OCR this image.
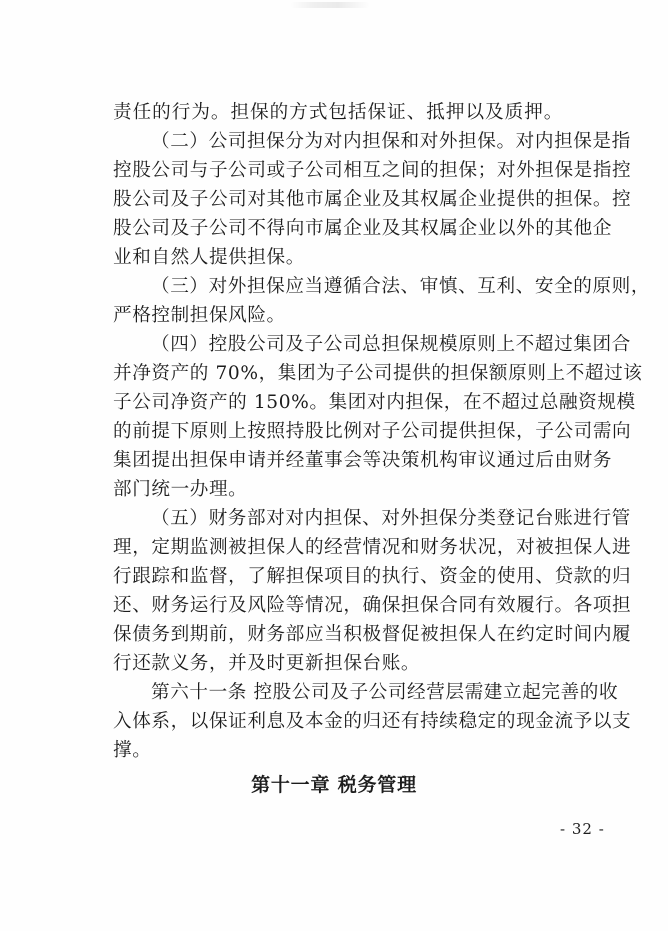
责任的行为。担保的方式包括保证、抵押以及质押。
（二）公司担保分为对内担保和对外担保。对内担保是指
控股公司与子公司或子公司相互之间的担保；对外担保是指控
股公司及子公司对其他市属企业及其权属企业提供的担保。控
股公司及子公司不得向市属企业及其权属企业以外的其他企
业和自然人提供担保。
（三）对外担保应当遵循合法、审慎、互利、安全的原则，
严格控制担保风险。
（四）控股公司及子公司总担保规模原则上不超过集团合
并净资产的 70%，集团为子公司提供的担保额原则上不超过该
子公司净资产的 150%。集团对内担保，在不超过总融资规模
的前提下原则上按照持股比例对子公司提供担保，子公司需向
集团提出担保申请并经董事会等决策机构审议通过后由财务
部门统一办理。
（五）财务部对对内担保、对外担保分类登记台账进行管
理，定期监测被担保人的经营情况和财务状况，对被担保人进
行跟踪和监督，了解担保项目的执行、资金的使用、贷款的归
还、财务运行及风险等情况，确保担保合同有效履行。各项担
保债务到期前，财务部应当积极督促被担保人在约定时间内履
行还款义务，并及时更新担保台账。
第六十一条 控股公司及子公司经营层需建立起完善的收
入体系，以保证利息及本金的归还有持续稳定的现金流予以支
撑。
第十一章 税务管理
- 32 -
